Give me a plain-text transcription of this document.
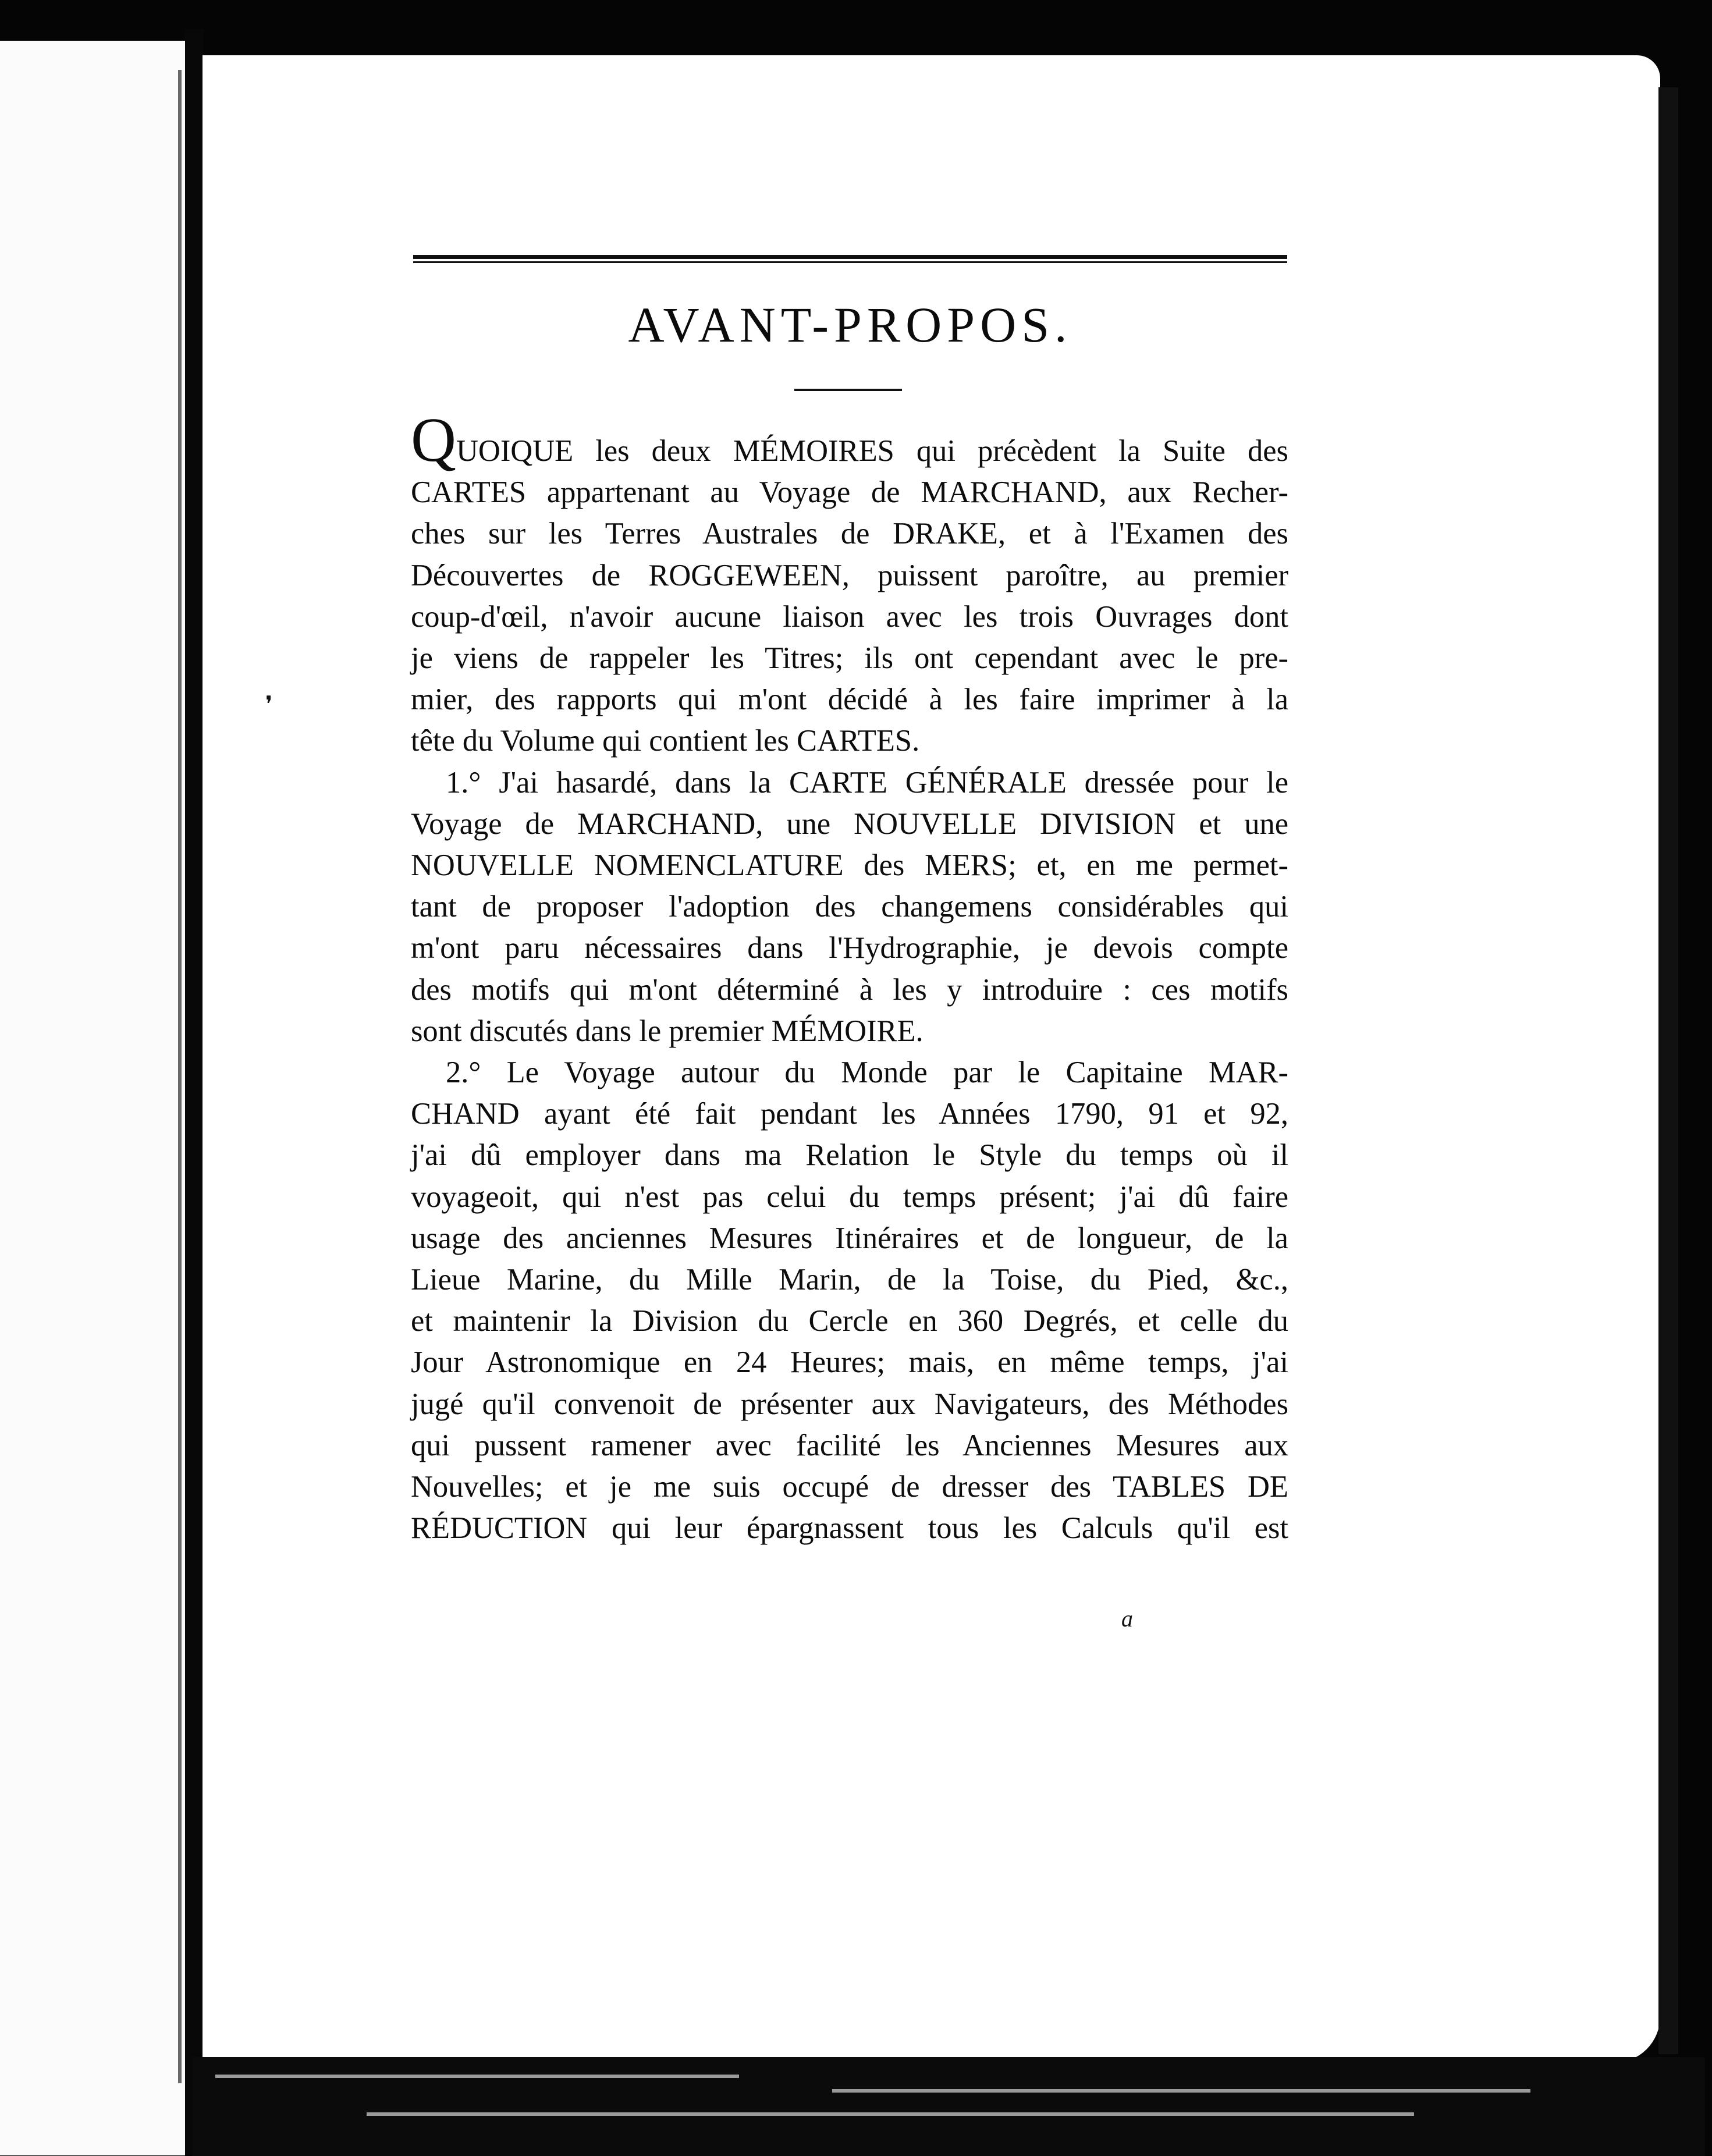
AVANT-PROPOS.
QUOIQUE les deux MÉMOIRES qui précèdent la Suite des
CARTES appartenant au Voyage de MARCHAND, aux Recher-
ches sur les Terres Australes de DRAKE, et à l'Examen des
Découvertes de ROGGEWEEN, puissent paroître, au premier
coup-d'œil, n'avoir aucune liaison avec les trois Ouvrages dont
je viens de rappeler les Titres; ils ont cependant avec le pre-
mier, des rapports qui m'ont décidé à les faire imprimer à la
tête du Volume qui contient les CARTES.
1.° J'ai hasardé, dans la CARTE GÉNÉRALE dressée pour le
Voyage de MARCHAND, une NOUVELLE DIVISION et une
NOUVELLE NOMENCLATURE des MERS; et, en me permet-
tant de proposer l'adoption des changemens considérables qui
m'ont paru nécessaires dans l'Hydrographie, je devois compte
des motifs qui m'ont déterminé à les y introduire : ces motifs
sont discutés dans le premier MÉMOIRE.
2.° Le Voyage autour du Monde par le Capitaine MAR-
CHAND ayant été fait pendant les Années 1790, 91 et 92,
j'ai dû employer dans ma Relation le Style du temps où il
voyageoit, qui n'est pas celui du temps présent; j'ai dû faire
usage des anciennes Mesures Itinéraires et de longueur, de la
Lieue Marine, du Mille Marin, de la Toise, du Pied, &c.,
et maintenir la Division du Cercle en 360 Degrés, et celle du
Jour Astronomique en 24 Heures; mais, en même temps, j'ai
jugé qu'il convenoit de présenter aux Navigateurs, des Méthodes
qui pussent ramener avec facilité les Anciennes Mesures aux
Nouvelles; et je me suis occupé de dresser des TABLES DE
RÉDUCTION qui leur épargnassent tous les Calculs qu'il est
a
❜
